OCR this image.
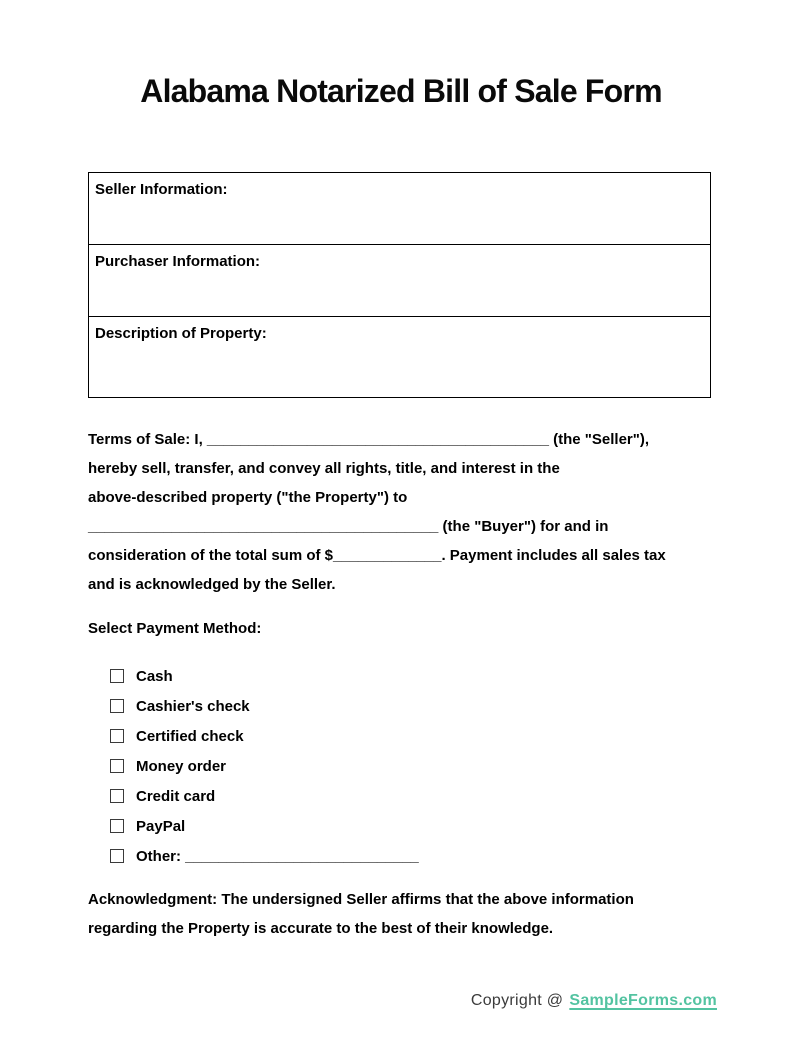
Alabama Notarized Bill of Sale Form
Seller Information:
Purchaser Information:
Description of Property:
Terms of Sale: I, _________________________________________ (the "Seller"),
hereby sell, transfer, and convey all rights, title, and interest in the
above-described property ("the Property") to
__________________________________________ (the "Buyer") for and in
consideration of the total sum of $_____________. Payment includes all sales tax
and is acknowledged by the Seller.
Select Payment Method:
Cash
Cashier's check
Certified check
Money order
Credit card
PayPal
Other: ____________________________
Acknowledgment: The undersigned Seller affirms that the above information
regarding the Property is accurate to the best of their knowledge.
Copyright @ SampleForms.com
